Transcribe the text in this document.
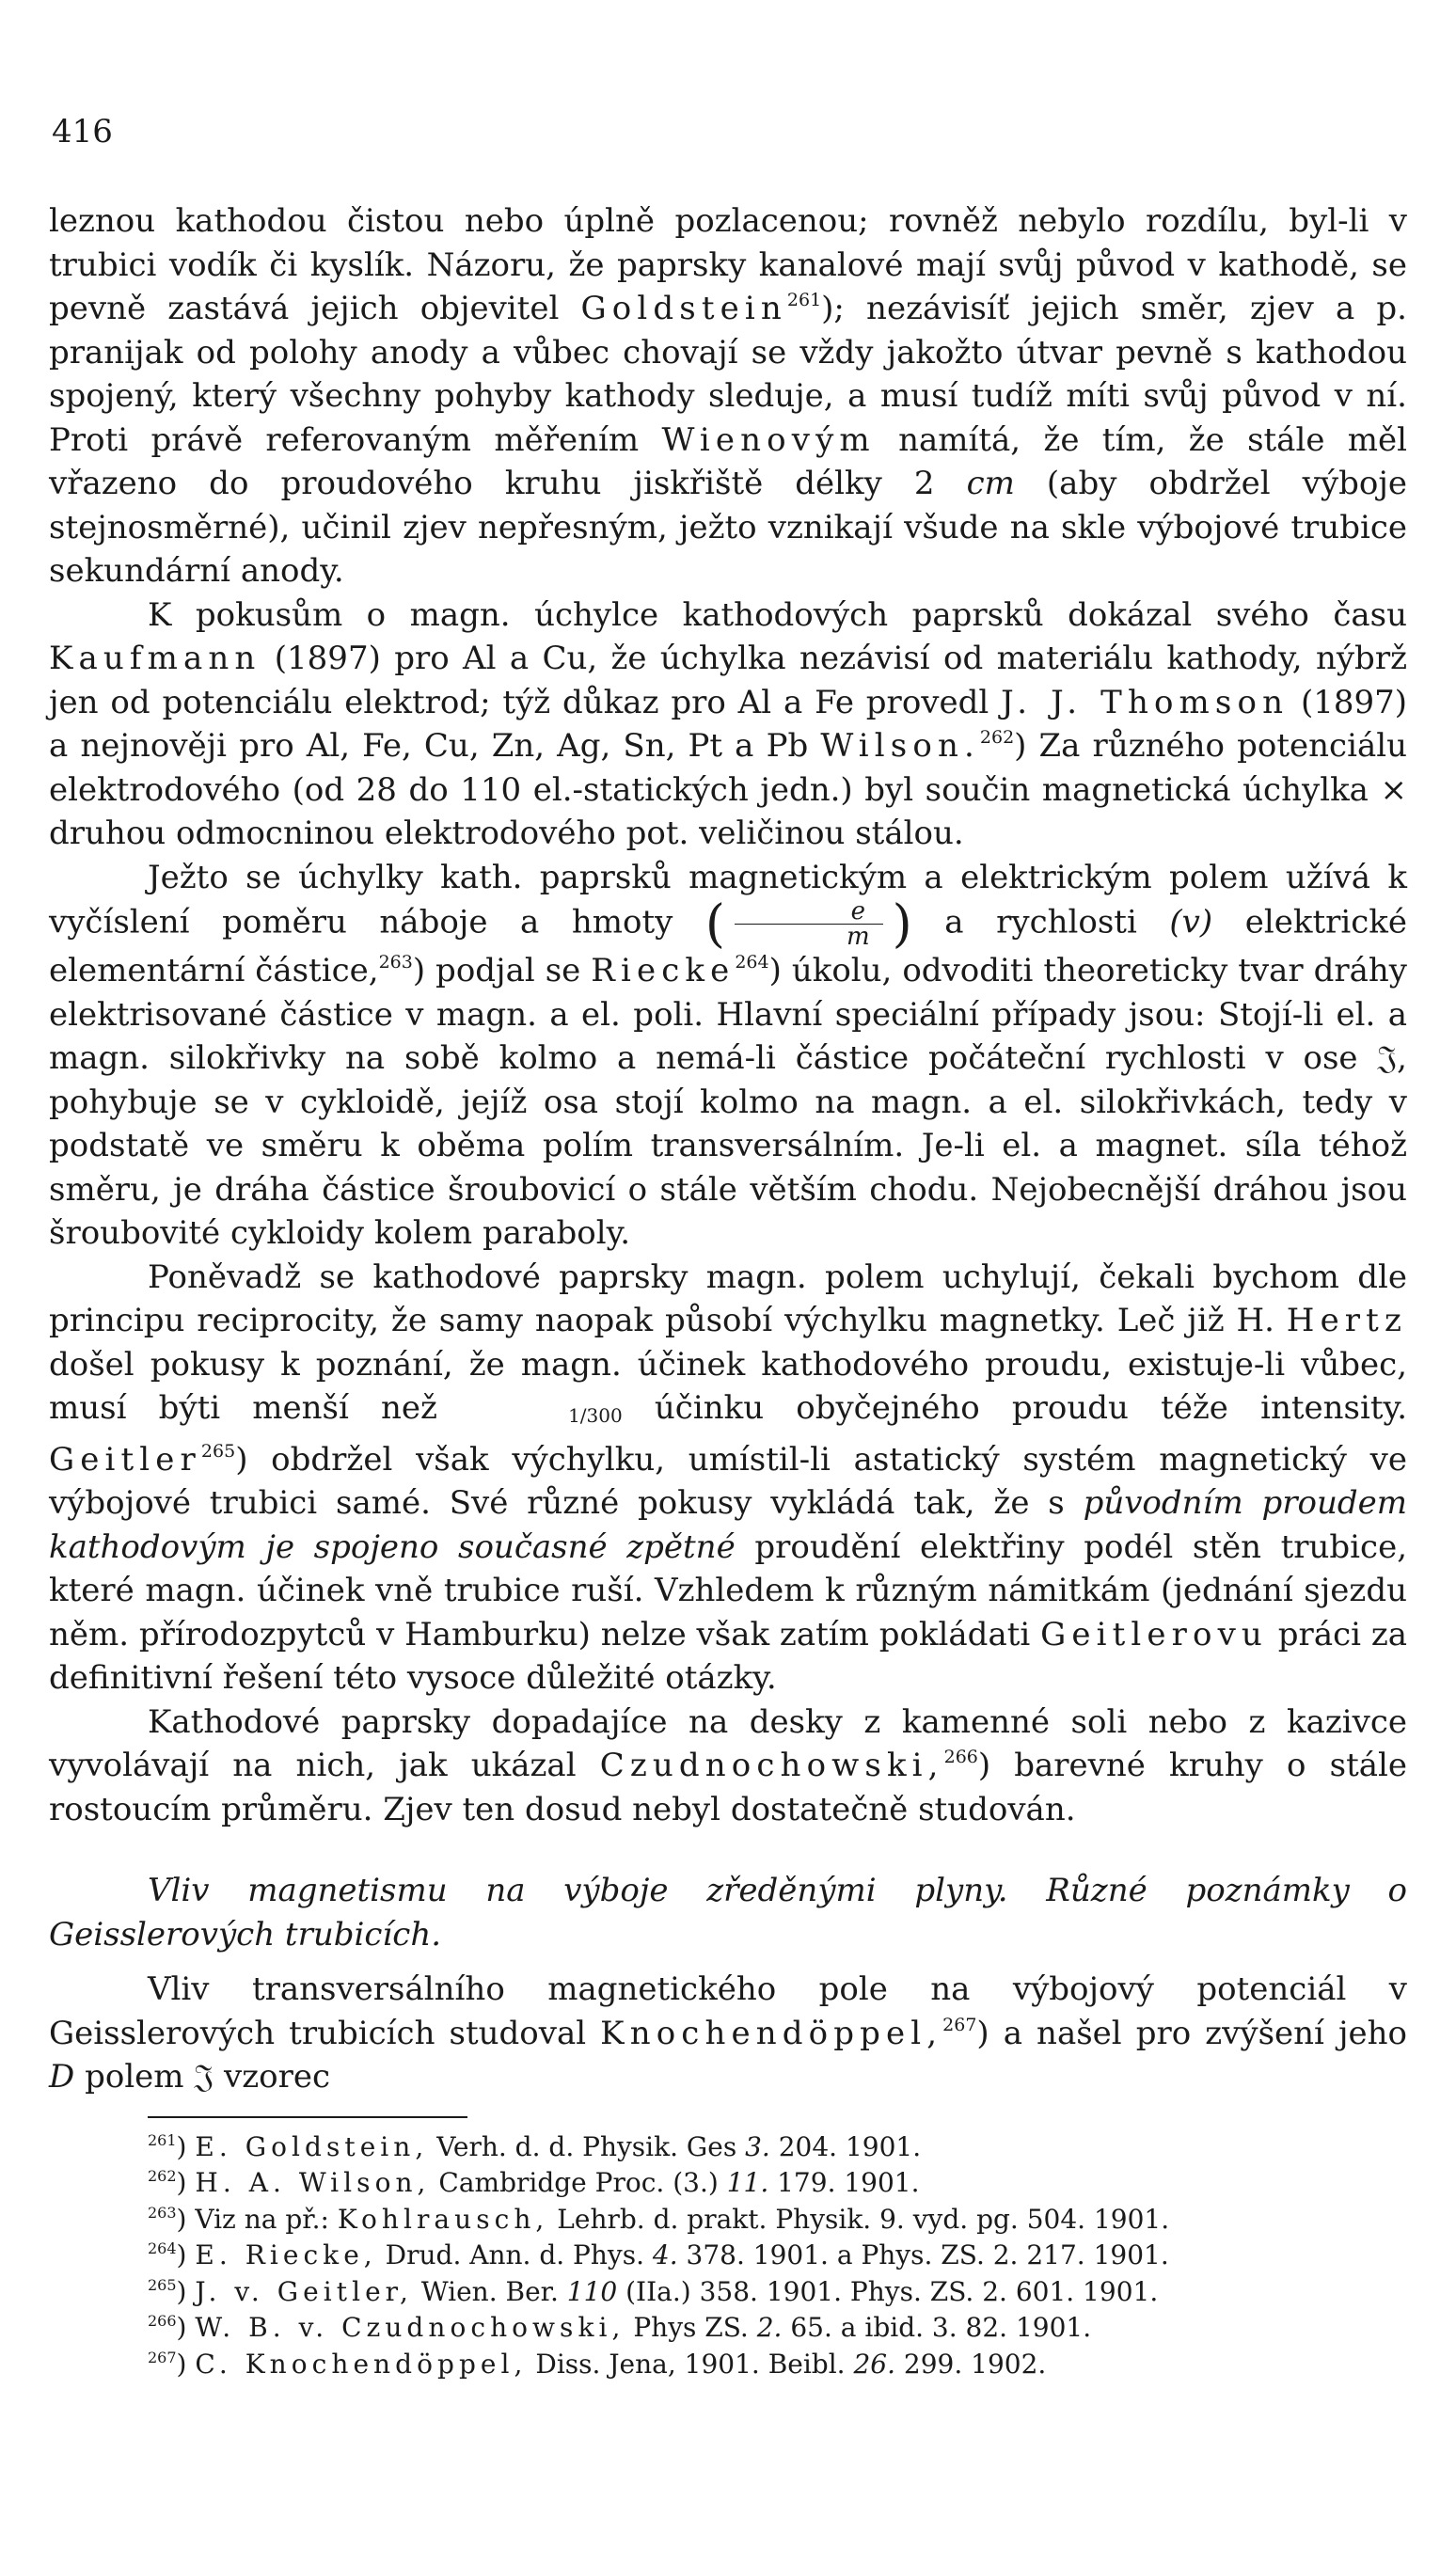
416

leznou kathodou čistou nebo úplně pozlacenou; rovněž nebylo rozdílu, byl-li v trubici vodík či kyslík. Názoru, že paprsky kanalové mají svůj původ v kathodě, se pevně zastává jejich objevitel Goldstein$^{261}$); nezávisíť jejich směr, zjev a p. pranijak od polohy anody a vůbec chovají se vždy jakožto útvar pevně s kathodou spojený, který všechny pohyby kathody sleduje, a musí tudíž míti svůj původ v ní. Proti právě referovaným měřením Wienovým namítá, že tím, že stále měl vřazeno do proudového kruhu jiskřiště délky 2 cm (aby obdržel výboje stejnosměrné), učinil zjev nepřesným, ježto vznikají všude na skle výbojové trubice sekundární anody.

K pokusům o magn. úchylce kathodových paprsků dokázal svého času Kaufmann (1897) pro Al a Cu, že úchylka nezávisí od materiálu kathody, nýbrž jen od potenciálu elektrod; týž důkaz pro Al a Fe provedl J. J. Thomson (1897) a nejnověji pro Al, Fe, Cu, Zn, Ag, Sn, Pt a Pb Wilson.$^{262}$) Za různého potenciálu elektrodového (od 28 do 110 el.-statických jedn.) byl součin magnetická úchylka × druhou odmocninou elektrodového pot. veličinou stálou.

Ježto se úchylky kath. paprsků magnetickým a elektrickým polem užívá k vyčíslení poměru náboje a hmoty ( $\frac{e}{m}$ ) a rychlosti (v) elektrické elementární částice,$^{263}$) podjal se Riecke$^{264}$) úkolu, odvoditi theoreticky tvar dráhy elektrisované částice v magn. a el. poli. Hlavní speciální případy jsou: Stojí-li el. a magn. silokřivky na sobě kolmo a nemá-li částice počáteční rychlosti v ose 𝔍, pohybuje se v cykloidě, jejíž osa stojí kolmo na magn. a el. silokřivkách, tedy v podstatě ve směru k oběma polím transversálním. Je-li el. a magnet. síla téhož směru, je dráha částice šroubovicí o stále větším chodu. Nejobecnější dráhou jsou šroubovité cykloidy kolem paraboly.

Poněvadž se kathodové paprsky magn. polem uchylují, čekali bychom dle principu reciprocity, že samy naopak působí výchylku magnetky. Leč již H. Hertz došel pokusy k poznání, že magn. účinek kathodového proudu, existuje-li vůbec, musí býti menší než	1/300 účinku obyčejného proudu téže intensity. Geitler$^{265}$) obdržel však výchylku, umístil-li astatický systém magnetický ve výbojové trubici samé. Své různé pokusy vykládá tak, že s původním proudem kathodovým je spojeno současné zpětné proudění elektřiny podél stěn trubice, které magn. účinek vně trubice ruší. Vzhledem k různým námitkám (jednání sjezdu něm. přírodozpytců v Hamburku) nelze však zatím pokládati Geitlerovu práci za definitivní řešení této vysoce důležité otázky.

Kathodové paprsky dopadajíce na desky z kamenné soli nebo z kazivce vyvolávají na nich, jak ukázal Czudnochowski,$^{266}$) barevné kruhy o stále rostoucím průměru. Zjev ten dosud nebyl dostatečně studován.

Vliv magnetismu na výboje zředěnými plyny. Různé poznámky o Geisslerových trubicích.

Vliv transversálního magnetického pole na výbojový potenciál v Geisslerových trubicích studoval Knochendöppel,$^{267}$) a našel pro zvýšení jeho D polem 𝔍 vzorec

$^{261}$) E. Goldstein, Verh. d. d. Physik. Ges 3. 204. 1901.
$^{262}$) H. A. Wilson, Cambridge Proc. (3.) 11. 179. 1901.
$^{263}$) Viz na př.: Kohlrausch, Lehrb. d. prakt. Physik. 9. vyd. pg. 504. 1901.
$^{264}$) E. Riecke, Drud. Ann. d. Phys. 4. 378. 1901. a Phys. ZS. 2. 217. 1901.
$^{265}$) J. v. Geitler, Wien. Ber. 110 (IIa.) 358. 1901. Phys. ZS. 2. 601. 1901.
$^{266}$) W. B. v. Czudnochowski, Phys ZS. 2. 65. a ibid. 3. 82. 1901.
$^{267}$) C. Knochendöppel, Diss. Jena, 1901. Beibl. 26. 299. 1902.
